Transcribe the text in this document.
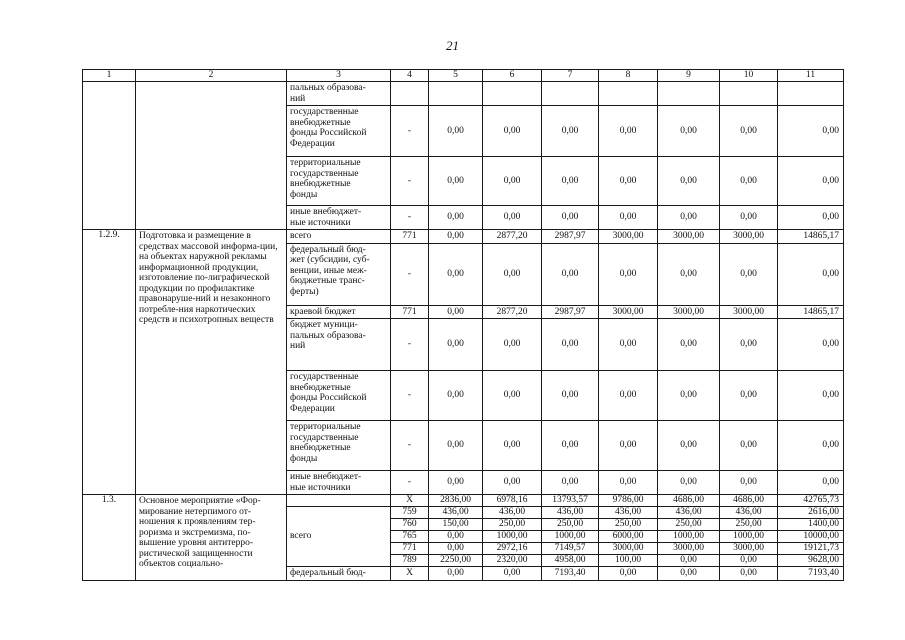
21
1	2	3	4	5	6	7	8	9	10	11
		пальных образова-
ний								
		государственные
внебюджетные
фонды Российской
Федерации	-	0,00	0,00	0,00	0,00	0,00	0,00	0,00
		территориальные
государственные
внебюджетные
фонды	-	0,00	0,00	0,00	0,00	0,00	0,00	0,00
		иные внебюджет-
ные источники	-	0,00	0,00	0,00	0,00	0,00	0,00	0,00
1.2.9.	Подготовка и размещение в средствах массовой информа-ции, на объектах наружной рекламы информационной продукции, изготовление по-лиграфической продукции по профилактике правонаруше-ний и незаконного потребле-ния наркотических средств и психотропных веществ	всего	771	0,00	2877,20	2987,97	3000,00	3000,00	3000,00	14865,17
		федеральный бюд-
жет (субсидии, суб-
венции, иные меж-
бюджетные транс-
ферты)	-	0,00	0,00	0,00	0,00	0,00	0,00	0,00
		краевой бюджет	771	0,00	2877,20	2987,97	3000,00	3000,00	3000,00	14865,17
		бюджет муници-
пальных образова-
ний	-	0,00	0,00	0,00	0,00	0,00	0,00	0,00
		государственные
внебюджетные
фонды Российской
Федерации	-	0,00	0,00	0,00	0,00	0,00	0,00	0,00
		территориальные
государственные
внебюджетные
фонды	-	0,00	0,00	0,00	0,00	0,00	0,00	0,00
		иные внебюджет-
ные источники	-	0,00	0,00	0,00	0,00	0,00	0,00	0,00
1.3.	Основное мероприятие «Фор-мирование нетерпимого от-ношения к проявлениям тер-роризма и экстремизма, по-вышение уровня антитерро-ристической защищенности объектов социально-		X	2836,00	6978,16	13793,57	9786,00	4686,00	4686,00	42765,73
		всего	759	436,00	436,00	436,00	436,00	436,00	436,00	2616,00
			760	150,00	250,00	250,00	250,00	250,00	250,00	1400,00
			765	0,00	1000,00	1000,00	6000,00	1000,00	1000,00	10000,00
			771	0,00	2972,16	7149,57	3000,00	3000,00	3000,00	19121,73
			789	2250,00	2320,00	4958,00	100,00	0,00	0,00	9628,00
		федеральный бюд-	X	0,00	0,00	7193,40	0,00	0,00	0,00	7193,40
